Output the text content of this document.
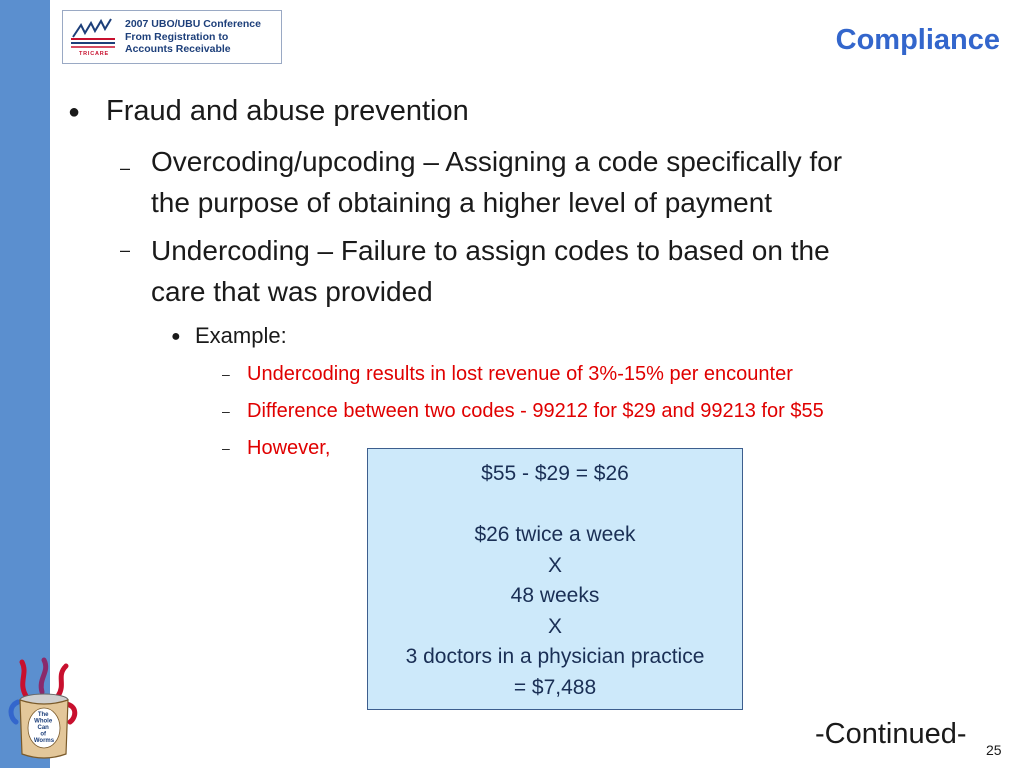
TRICARE
2007 UBO/UBU Conference
From Registration to
Accounts Receivable	Compliance
● Fraud and abuse prevention
– Overcoding/upcoding – Assigning a code specifically for
the purpose of obtaining a higher level of payment
– Undercoding – Failure to assign codes to based on the
care that was provided
● Example:
– Undercoding results in lost revenue of 3%-15% per encounter
– Difference between two codes - 99212 for $29 and 99213 for $55
– However,
$55 - $29 = $26
$26 twice a week
X
48 weeks
X
3 doctors in a physician practice
= $7,488
The Whole Can of Worms	-Continued- 25
